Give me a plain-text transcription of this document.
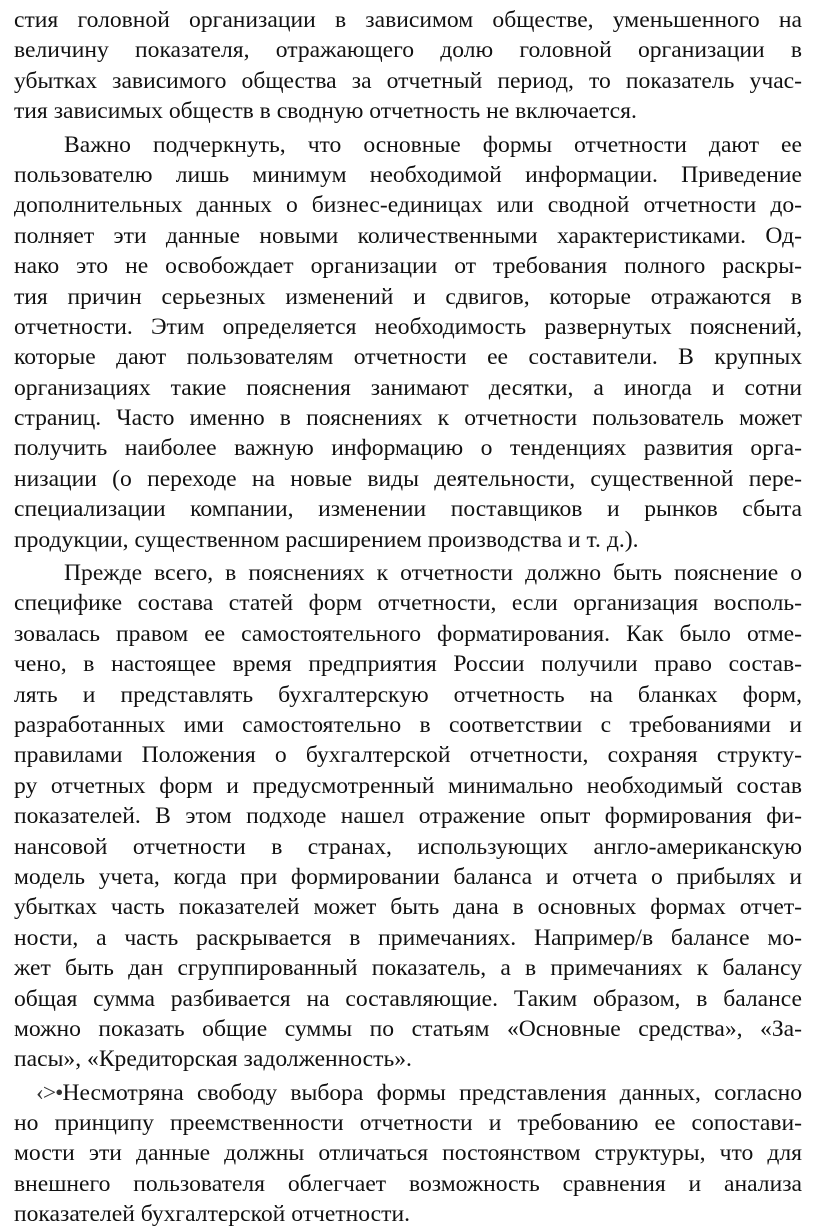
стия головной организации в зависимом обществе, уменьшенного на
величину показателя, отражающего долю головной организации в
убытках зависимого общества за отчетный период, то показатель учас-
тия зависимых обществ в сводную отчетность не включается.
Важно подчеркнуть, что основные формы отчетности дают ее
пользователю лишь минимум необходимой информации. Приведение
дополнительных данных о бизнес-единицах или сводной отчетности до-
полняет эти данные новыми количественными характеристиками. Од-
нако это не освобождает организации от требования полного раскры-
тия причин серьезных изменений и сдвигов, которые отражаются в
отчетности. Этим определяется необходимость развернутых пояснений,
которые дают пользователям отчетности ее составители. В крупных
организациях такие пояснения занимают десятки, а иногда и сотни
страниц. Часто именно в пояснениях к отчетности пользователь может
получить наиболее важную информацию о тенденциях развития орга-
низации (о переходе на новые виды деятельности, существенной пере-
специализации компании, изменении поставщиков и рынков сбыта
продукции, существенном расширением производства и т. д.).
Прежде всего, в пояснениях к отчетности должно быть пояснение о
специфике состава статей форм отчетности, если организация восполь-
зовалась правом ее самостоятельного форматирования. Как было отме-
чено, в настоящее время предприятия России получили право состав-
лять и представлять бухгалтерскую отчетность на бланках форм,
разработанных ими самостоятельно в соответствии с требованиями и
правилами Положения о бухгалтерской отчетности, сохраняя структу-
ру отчетных форм и предусмотренный минимально необходимый состав
показателей. В этом подходе нашел отражение опыт формирования фи-
нансовой отчетности в странах, использующих англо-американскую
модель учета, когда при формировании баланса и отчета о прибылях и
убытках часть показателей может быть дана в основных формах отчет-
ности, а часть раскрывается в примечаниях. Например/в балансе мо-
жет быть дан сгруппированный показатель, а в примечаниях к балансу
общая сумма разбивается на составляющие. Таким образом, в балансе
можно показать общие суммы по статьям «Основные средства», «За-
пасы», «Кредиторская задолженность».
‹>•Несмотряна свободу выбора формы представления данных, согласно
но принципу преемственности отчетности и требованию ее сопостави-
мости эти данные должны отличаться постоянством структуры, что для
внешнего пользователя облегчает возможность сравнения и анализа
показателей бухгалтерской отчетности.
